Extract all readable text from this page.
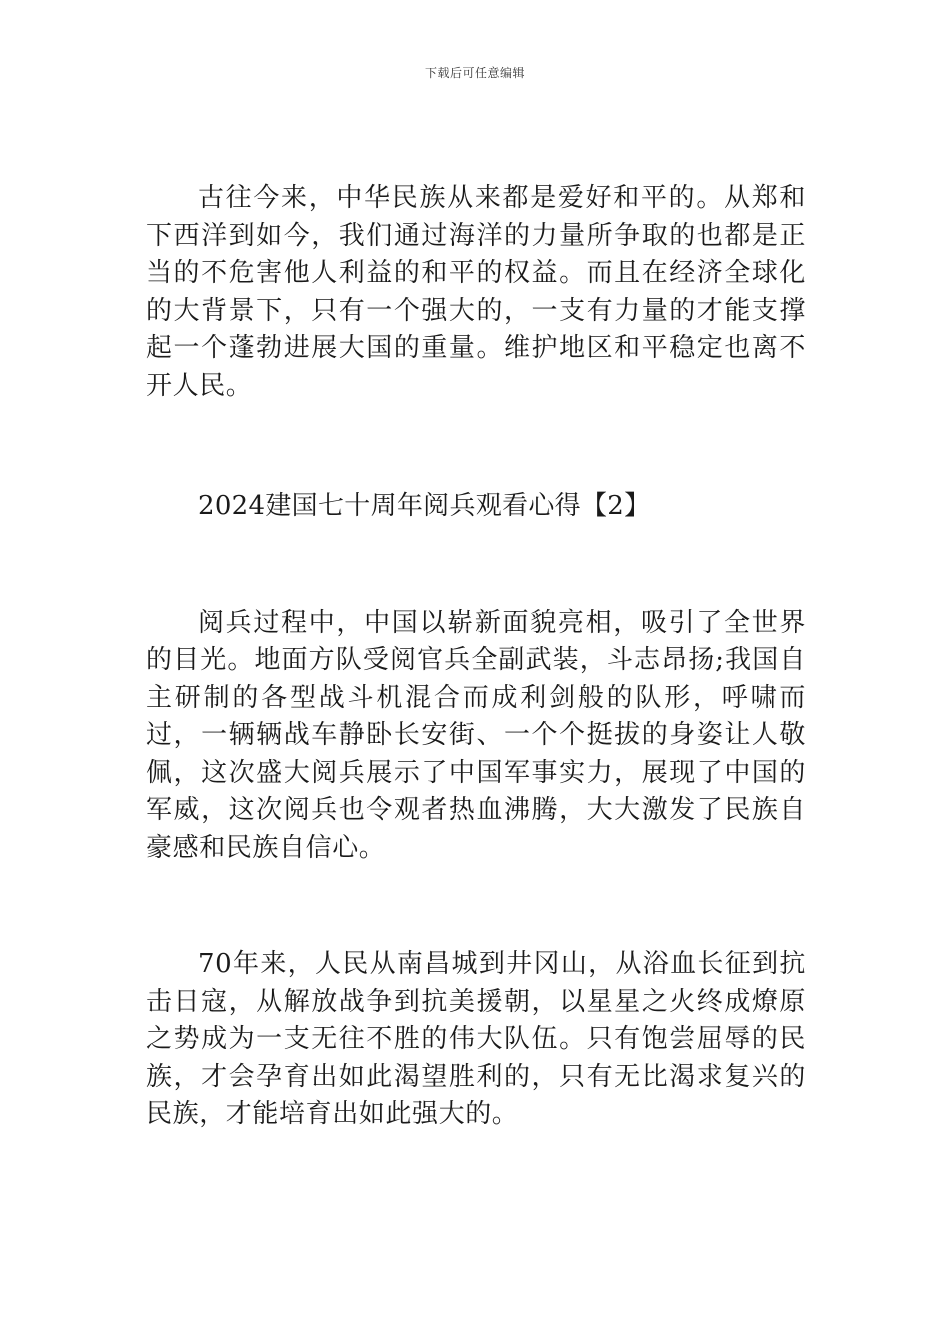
下载后可任意编辑

古往今来，中华民族从来都是爱好和平的。从郑和下西洋到如今，我们通过海洋的力量所争取的也都是正当的不危害他人利益的和平的权益。而且在经济全球化的大背景下，只有一个强大的，一支有力量的才能支撑起一个蓬勃进展大国的重量。维护地区和平稳定也离不开人民。

2024建国七十周年阅兵观看心得【2】

阅兵过程中，中国以崭新面貌亮相，吸引了全世界的目光。地面方队受阅官兵全副武装，斗志昂扬;我国自主研制的各型战斗机混合而成利剑般的队形，呼啸而过，一辆辆战车静卧长安街、一个个挺拔的身姿让人敬佩，这次盛大阅兵展示了中国军事实力，展现了中国的军威，这次阅兵也令观者热血沸腾，大大激发了民族自豪感和民族自信心。

70年来，人民从南昌城到井冈山，从浴血长征到抗击日寇，从解放战争到抗美援朝，以星星之火终成燎原之势成为一支无往不胜的伟大队伍。只有饱尝屈辱的民族，才会孕育出如此渴望胜利的，只有无比渴求复兴的民族，才能培育出如此强大的。
